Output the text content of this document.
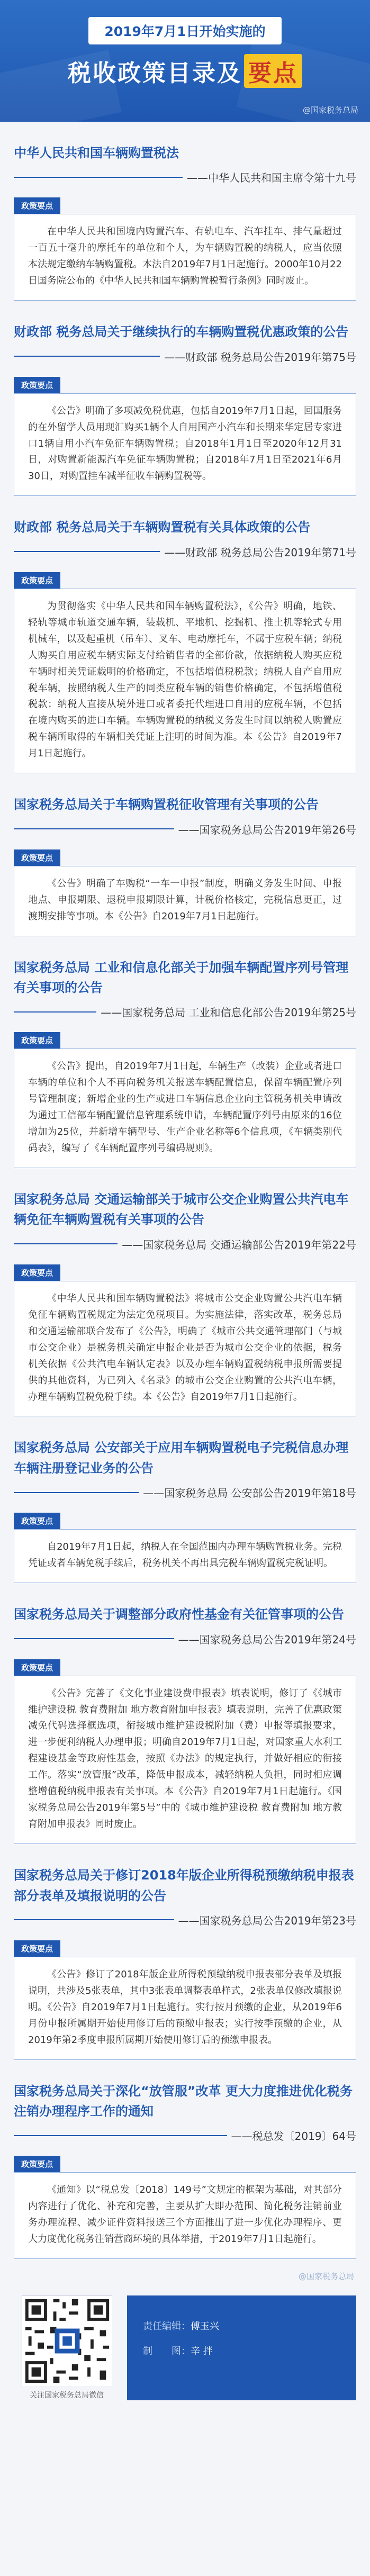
2019年7月1日开始实施的
税收政策目录及 要点
@国家税务总局
中华人民共和国车辆购置税法
——中华人民共和国主席令第十九号
政策要点

在中华人民共和国境内购置汽车、有轨电车、汽车挂车、排气量超过一百五十毫升的摩托车的单位和个人，为车辆购置税的纳税人，应当依照本法规定缴纳车辆购置税。本法自2019年7月1日起施行。2000年10月22日国务院公布的《中华人民共和国车辆购置税暂行条例》同时废止。

财政部 税务总局关于继续执行的车辆购置税优惠政策的公告
——财政部 税务总局公告2019年第75号
政策要点

《公告》明确了多项减免税优惠，包括自2019年7月1日起，回国服务的在外留学人员用现汇购买1辆个人自用国产小汽车和长期来华定居专家进口1辆自用小汽车免征车辆购置税；自2018年1月1日至2020年12月31日，对购置新能源汽车免征车辆购置税；自2018年7月1日至2021年6月30日，对购置挂车减半征收车辆购置税等。

财政部 税务总局关于车辆购置税有关具体政策的公告
——财政部 税务总局公告2019年第71号
政策要点

为贯彻落实《中华人民共和国车辆购置税法》，《公告》明确，地铁、轻轨等城市轨道交通车辆，装载机、平地机、挖掘机、推土机等轮式专用机械车，以及起重机（吊车）、叉车、电动摩托车，不属于应税车辆；纳税人购买自用应税车辆实际支付给销售者的全部价款，依据纳税人购买应税车辆时相关凭证载明的价格确定，不包括增值税税款；纳税人自产自用应税车辆，按照纳税人生产的同类应税车辆的销售价格确定，不包括增值税税款；纳税人直接从境外进口或者委托代理进口自用的应税车辆，不包括在境内购买的进口车辆。车辆购置税的纳税义务发生时间以纳税人购置应税车辆所取得的车辆相关凭证上注明的时间为准。本《公告》自2019年7月1日起施行。

国家税务总局关于车辆购置税征收管理有关事项的公告
——国家税务总局公告2019年第26号
政策要点

《公告》明确了车购税“一车一申报”制度，明确义务发生时间、申报地点、申报期限、退税申报期限计算，计税价格核定，完税信息更正，过渡期安排等事项。本《公告》自2019年7月1日起施行。

国家税务总局 工业和信息化部关于加强车辆配置序列号管理有关事项的公告
——国家税务总局 工业和信息化部公告2019年第25号
政策要点

《公告》提出，自2019年7月1日起，车辆生产（改装）企业或者进口车辆的单位和个人不再向税务机关报送车辆配置信息，保留车辆配置序列号管理制度；新增企业的生产或进口车辆信息企业向主管税务机关申请改为通过工信部车辆配置信息管理系统申请，车辆配置序列号由原来的16位增加为25位，并新增车辆型号、生产企业名称等6个信息项，《车辆类别代码表》，编写了《车辆配置序列号编码规则》。

国家税务总局 交通运输部关于城市公交企业购置公共汽电车辆免征车辆购置税有关事项的公告
——国家税务总局 交通运输部公告2019年第22号
政策要点

《中华人民共和国车辆购置税法》将城市公交企业购置公共汽电车辆免征车辆购置税规定为法定免税项目。为实施法律，落实改革，税务总局和交通运输部联合发布了《公告》，明确了《城市公共交通管理部门（与城市公交企业）是税务机关确定申报企业是否为城市公交企业的依据，税务机关依据《公共汽电车辆认定表》以及办理车辆购置税纳税申报所需要提供的其他资料，为已列入《名录》的城市公交企业购置的公共汽电车辆，办理车辆购置税免税手续。本《公告》自2019年7月1日起施行。

国家税务总局 公安部关于应用车辆购置税电子完税信息办理车辆注册登记业务的公告
——国家税务总局 公安部公告2019年第18号
政策要点

自2019年7月1日起，纳税人在全国范围内办理车辆购置税业务。完税凭证或者车辆免税手续后，税务机关不再出具完税车辆购置税完税证明。

国家税务总局关于调整部分政府性基金有关征管事项的公告
——国家税务总局公告2019年第24号
政策要点

《公告》完善了《文化事业建设费申报表》填表说明，修订了《《城市维护建设税 教育费附加 地方教育附加申报表》填表说明，完善了优惠政策减免代码选择框选项，衔接城市维护建设税附加（费）申报等填报要求，进一步便利纳税人办理申报；明确自2019年7月1日起，对国家重大水利工程建设基金等政府性基金，按照《办法》的规定执行，并做好相应的衔接工作。落实“放管服”改革，降低申报成本，减轻纳税人负担，同时相应调整增值税纳税申报表有关事项。本《公告》自2019年7月1日起施行。《国家税务总局公告2019年第5号”中的《城市维护建设税 教育费附加 地方教育附加申报表》同时废止。

国家税务总局关于修订2018年版企业所得税预缴纳税申报表部分表单及填报说明的公告
——国家税务总局公告2019年第23号
政策要点

《公告》修订了2018年版企业所得税预缴纳税申报表部分表单及填报说明，共涉及5张表单，其中3张表单调整表单样式，2张表单仅修改填报说明。《公告》自2019年7月1日起施行。实行按月预缴的企业，从2019年6月份申报所属期开始使用修订后的预缴申报表；实行按季预缴的企业，从2019年第2季度申报所属期开始使用修订后的预缴申报表。

国家税务总局关于深化“放管服”改革 更大力度推进优化税务注销办理程序工作的通知
——税总发〔2019〕64号
政策要点

《通知》以“税总发〔2018〕149号”文规定的框架为基础，对其部分内容进行了优化、补充和完善，主要从扩大即办范围、简化税务注销前业务办理流程、减少证件资料报送三个方面推出了进一步优化办理程序、更大力度优化税务注销营商环境的具体举措，于2019年7月1日起施行。

@国家税务总局
关注国家税务总局微信
责任编辑：傅玉兴
制　　图：辛 拌
